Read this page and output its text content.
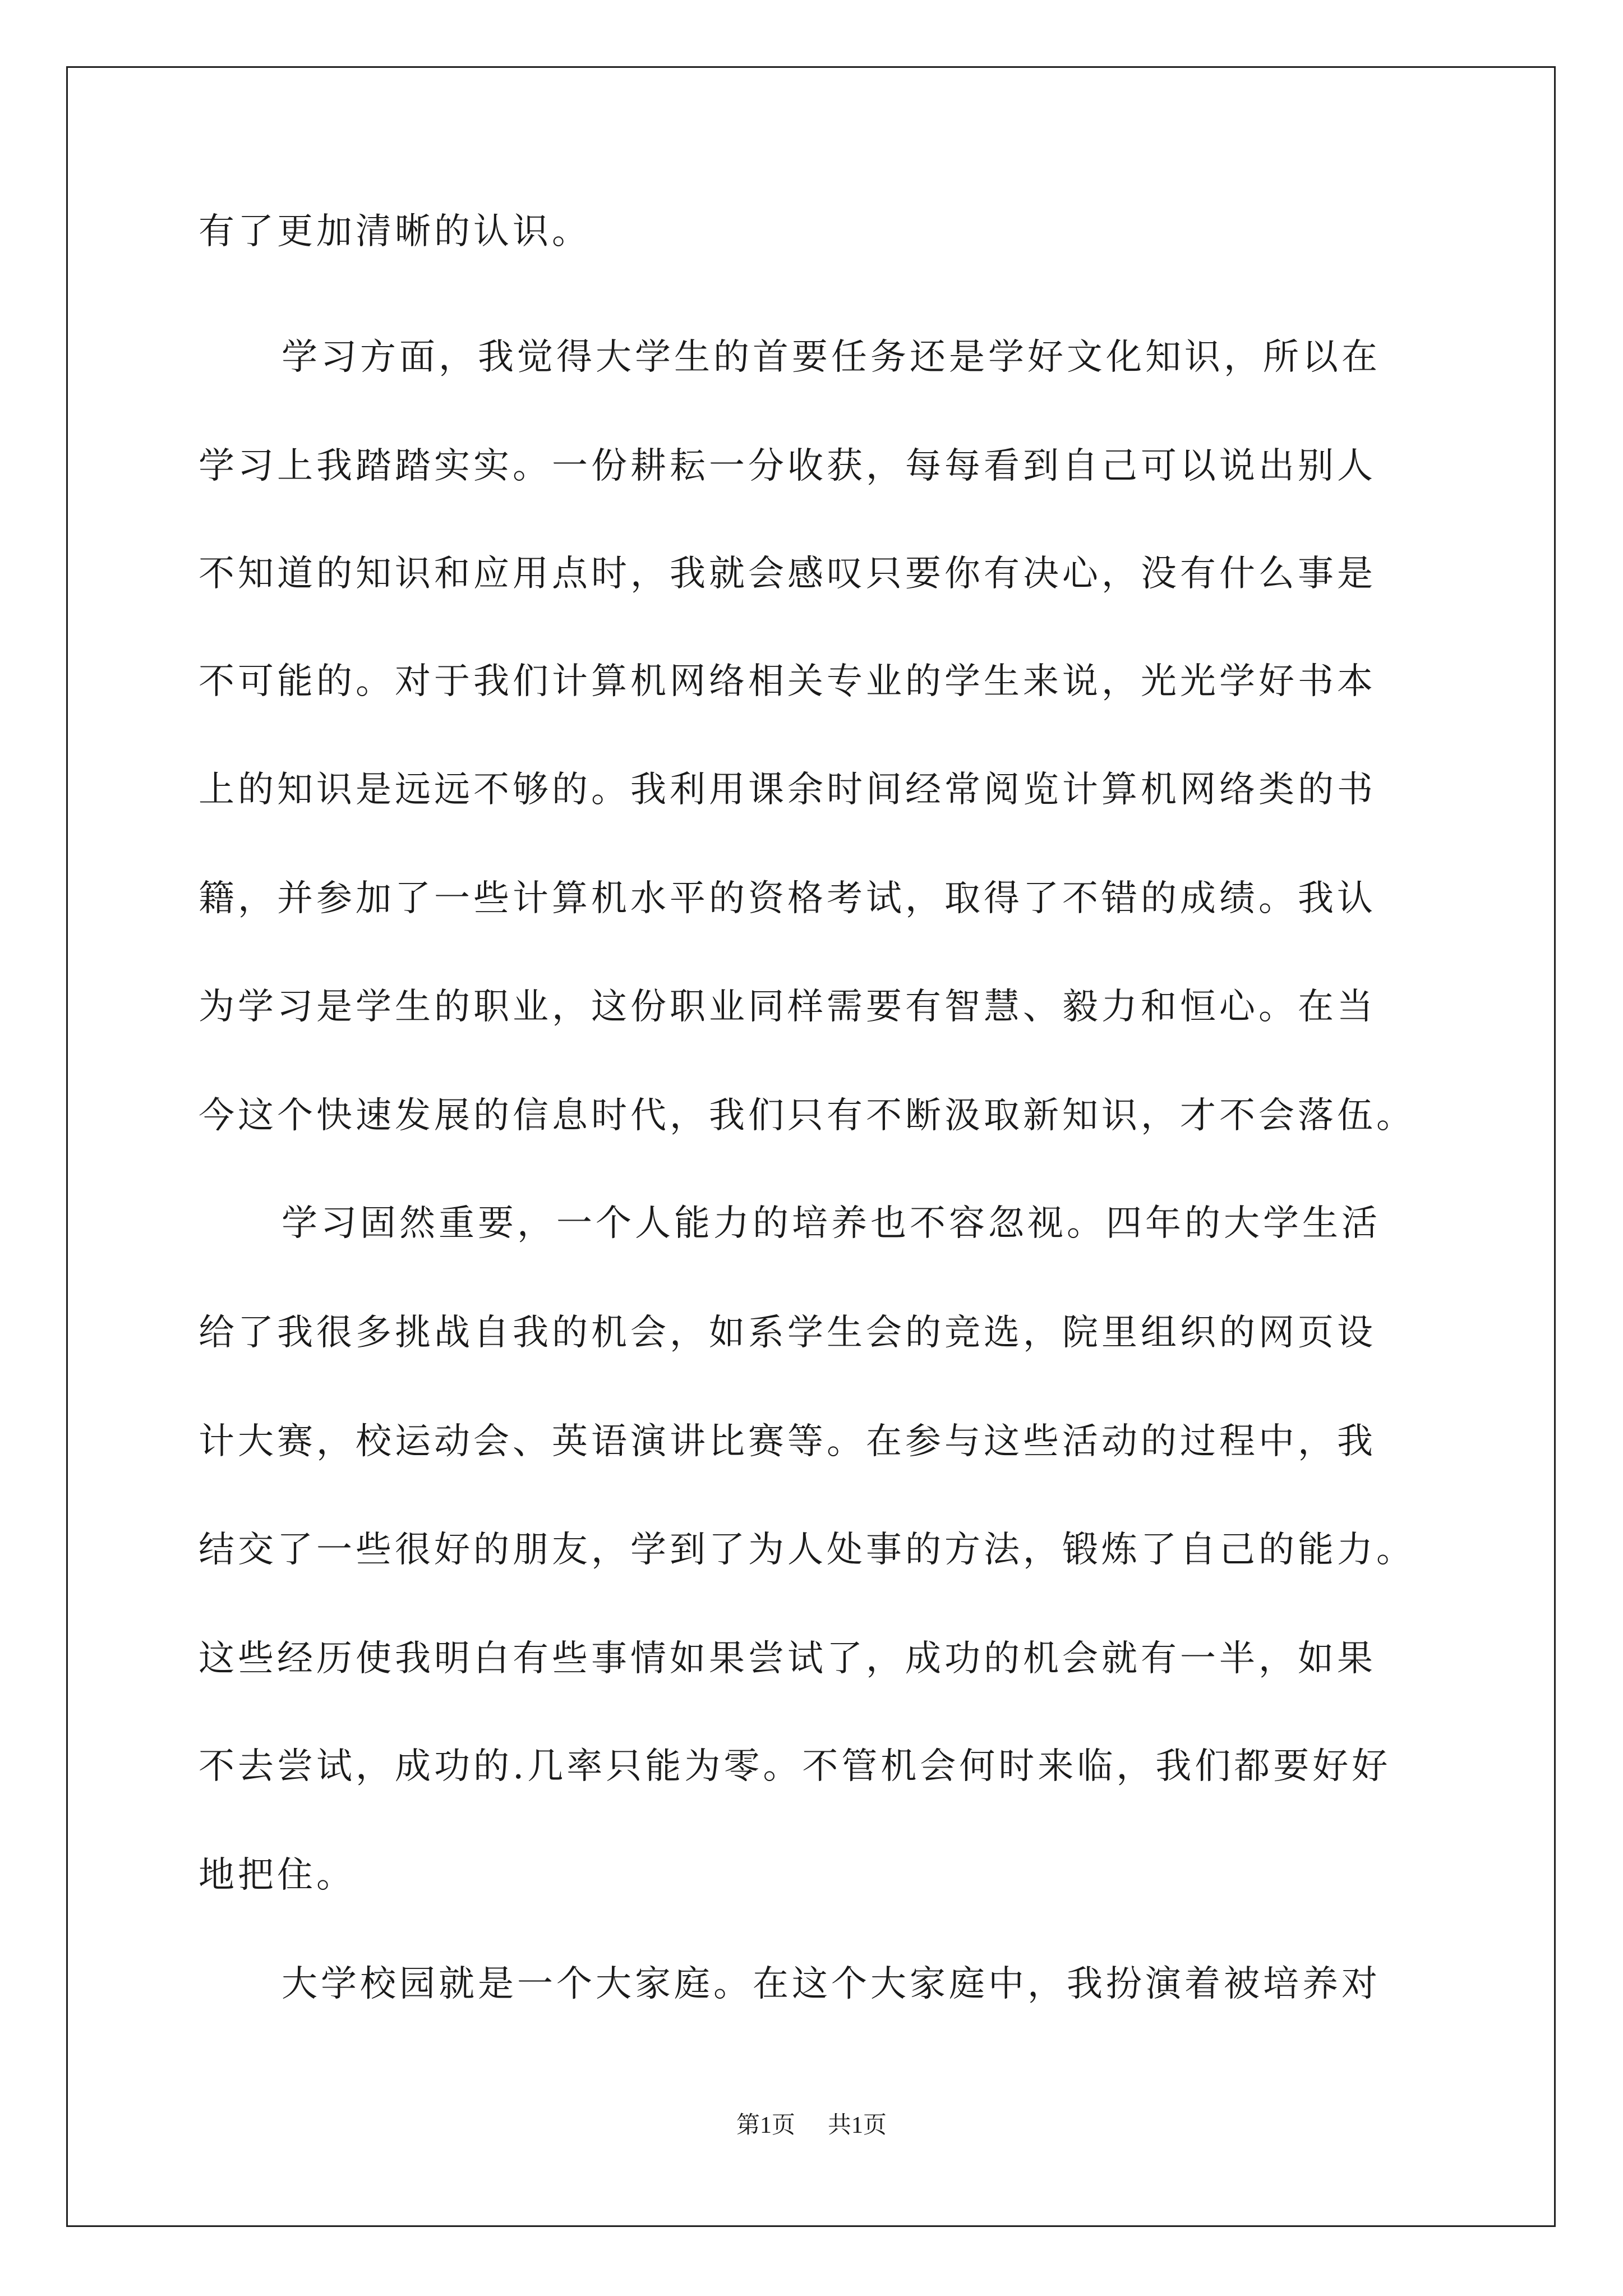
有了更加清晰的认识。

学习方面，我觉得大学生的首要任务还是学好文化知识，所以在

学习上我踏踏实实。一份耕耘一分收获，每每看到自己可以说出别人

不知道的知识和应用点时，我就会感叹只要你有决心，没有什么事是

不可能的。对于我们计算机网络相关专业的学生来说，光光学好书本

上的知识是远远不够的。我利用课余时间经常阅览计算机网络类的书

籍，并参加了一些计算机水平的资格考试，取得了不错的成绩。我认

为学习是学生的职业，这份职业同样需要有智慧、毅力和恒心。在当

今这个快速发展的信息时代，我们只有不断汲取新知识，才不会落伍。

学习固然重要，一个人能力的培养也不容忽视。四年的大学生活

给了我很多挑战自我的机会，如系学生会的竞选，院里组织的网页设

计大赛，校运动会、英语演讲比赛等。在参与这些活动的过程中，我

结交了一些很好的朋友，学到了为人处事的方法，锻炼了自己的能力。

这些经历使我明白有些事情如果尝试了，成功的机会就有一半，如果

不去尝试，成功的.几率只能为零。不管机会何时来临，我们都要好好

地把住。

大学校园就是一个大家庭。在这个大家庭中，我扮演着被培养对

第1页 共1页
